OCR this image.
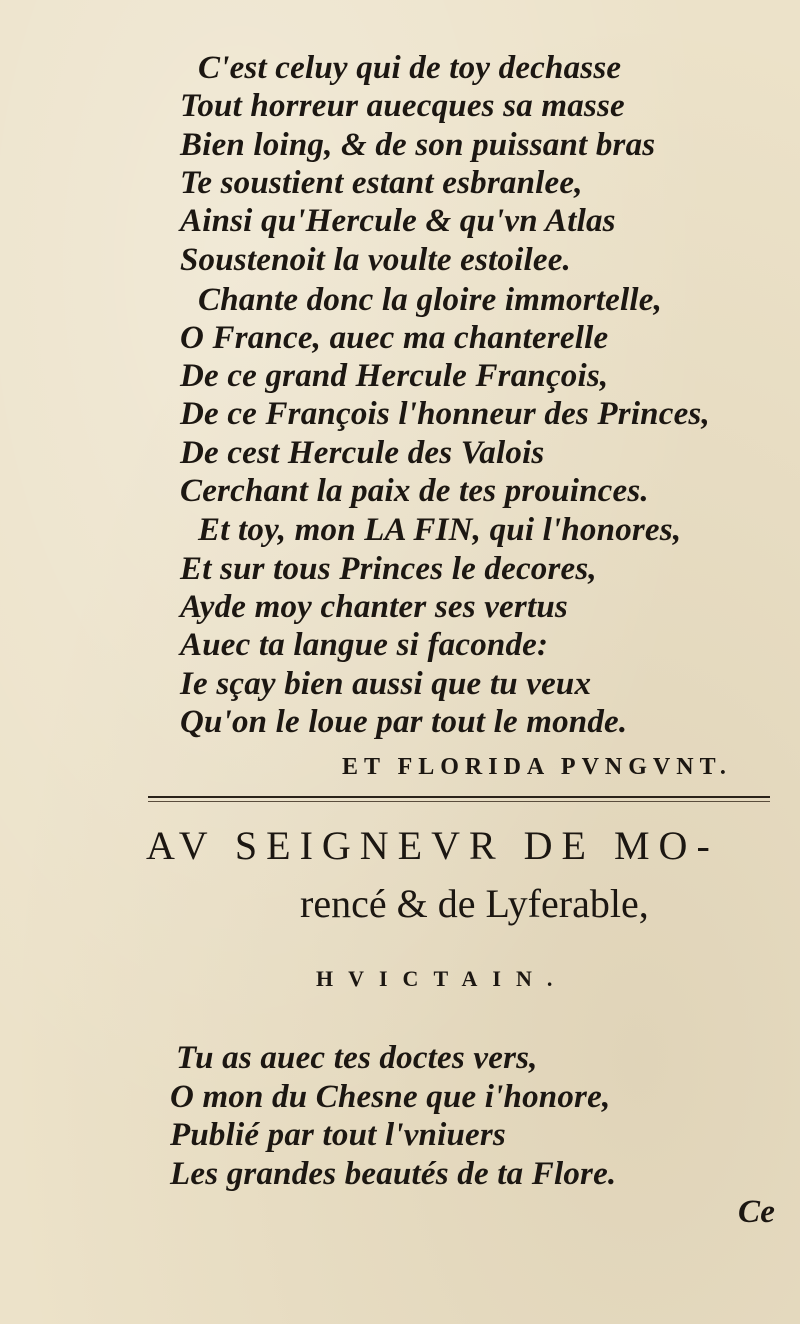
C'est celuy qui de toy dechasse
Tout horreur auecques sa masse
Bien loing, & de son puissant bras
Te soustient estant esbranlee,
Ainsi qu'Hercule & qu'vn Atlas
Soustenoit la voulte estoilee.
Chante donc la gloire immortelle,
O France, auec ma chanterelle
De ce grand Hercule François,
De ce François l'honneur des Princes,
De cest Hercule des Valois
Cerchant la paix de tes prouinces.
Et toy, mon LA FIN, qui l'honores,
Et sur tous Princes le decores,
Ayde moy chanter ses vertus
Auec ta langue si faconde:
Ie sçay bien aussi que tu veux
Qu'on le loue par tout le monde.
ET FLORIDA PVNGVNT.
AV SEIGNEVR DE MO-
rencé & de Lyferable,
HVICTAIN.
Tu as auec tes doctes vers,
O mon du Chesne que i'honore,
Publié par tout l'vniuers
Les grandes beautés de ta Flore.
Ce
